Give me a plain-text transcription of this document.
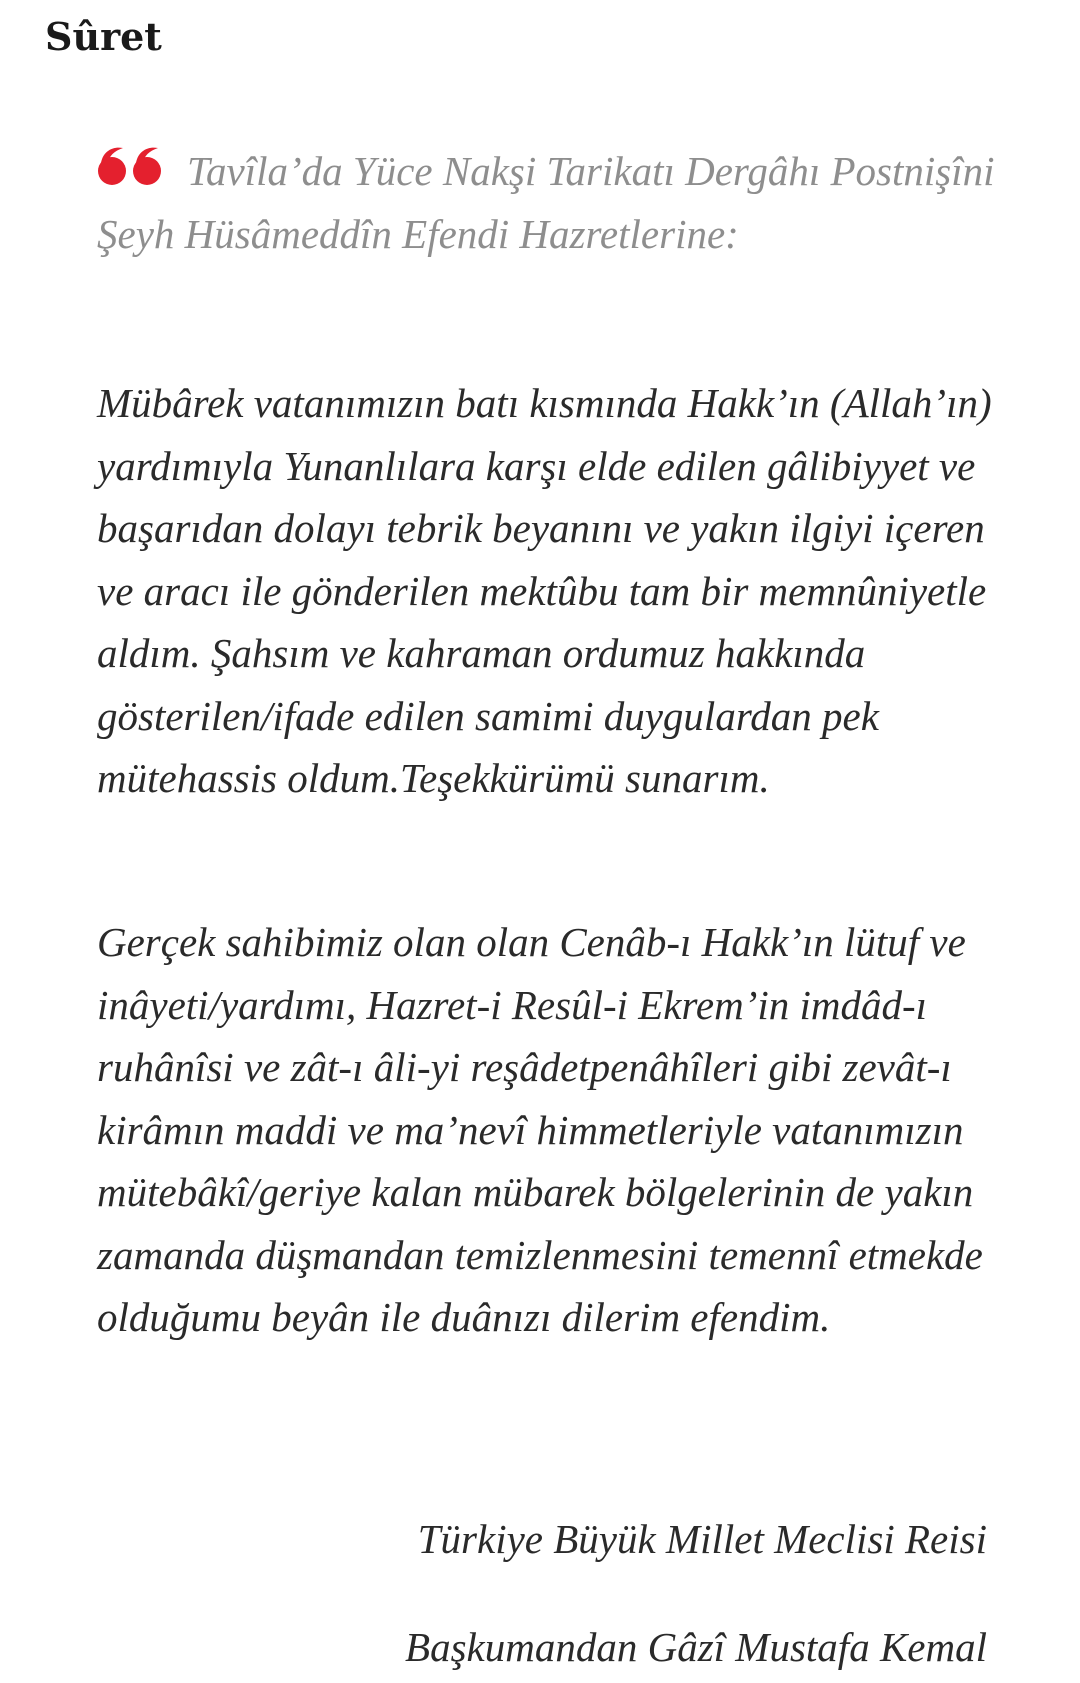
Sûret

Tavîla’da Yüce Nakşi Tarikatı Dergâhı Postnişîni Şeyh Hüsâmeddîn Efendi Hazretlerine:

Mübârek vatanımızın batı kısmında Hakk’ın (Allah’ın) yardımıyla Yunanlılara karşı elde edilen gâlibiyyet ve başarıdan dolayı tebrik beyanını ve yakın ilgiyi içeren ve aracı ile gönderilen mektûbu tam bir memnûniyetle aldım. Şahsım ve kahraman ordumuz hakkında gösterilen/ifade edilen samimi duygulardan pek mütehassis oldum.Teşekkürümü sunarım.

Gerçek sahibimiz olan olan Cenâb-ı Hakk’ın lütuf ve inâyeti/yardımı, Hazret-i Resûl-i Ekrem’in imdâd-ı ruhânîsi ve zât-ı âli-yi reşâdetpenâhîleri gibi zevât-ı kirâmın maddi ve ma’nevî himmetleriyle vatanımızın mütebâkî/geriye kalan mübarek bölgelerinin de yakın zamanda düşmandan temizlenmesini temennî etmekde olduğumu beyân ile duânızı dilerim efendim.

Türkiye Büyük Millet Meclisi Reisi

Başkumandan Gâzî Mustafa Kemal
